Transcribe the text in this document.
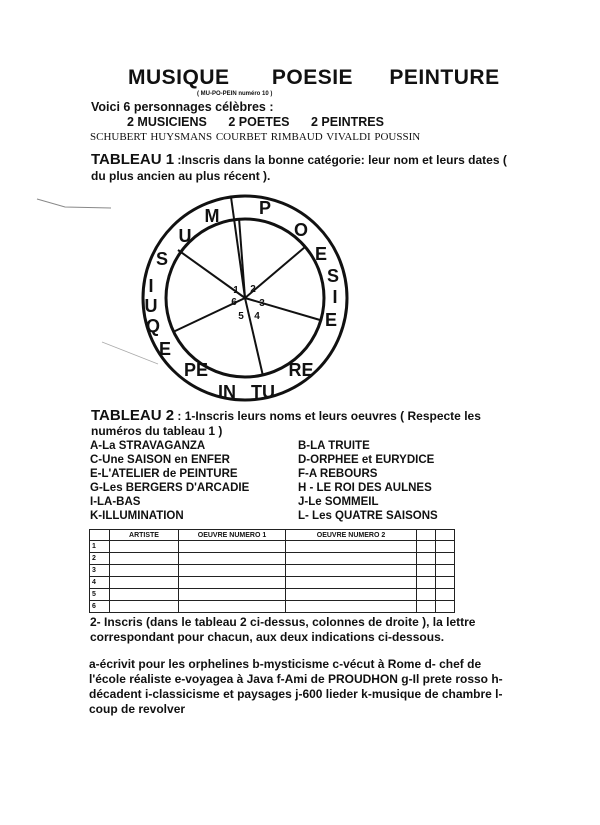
MUSIQUE POESIE PEINTURE
( MU-PO-PEIN numéro 10 )
Voici 6 personnages célèbres :
2 MUSICIENS 2 POETES 2 PEINTRES
SCHUBERT HUYSMANS COURBET RIMBAUD VIVALDI POUSSIN
TABLEAU 1 :Inscris dans la bonne catégorie: leur nom et leurs dates ( du plus ancien au plus récent ).
M P
O
E
S
I
E
RE
TU
IN
PE
E
U
Q
I
S
U
1 2
3
4
5
6
TABLEAU 2 : 1-Inscris leurs noms et leurs oeuvres ( Respecte les numéros du tableau 1 )
A-La STRAVAGANZA
C-Une SAISON en ENFER
E-L'ATELIER de PEINTURE
G-Les BERGERS D'ARCADIE
I-LA-BAS
K-ILLUMINATION
B-LA TRUITE
D-ORPHEE et EURYDICE
F-A REBOURS
H - LE ROI DES AULNES
J-Le SOMMEIL
L- Les QUATRE SAISONS
	ARTISTE	OEUVRE NUMERO 1	OEUVRE NUMERO 2		
1					
2					
3					
4					
5					
6					
2- Inscris (dans le tableau 2 ci-dessus, colonnes de droite ), la lettre correspondant pour chacun, aux deux indications ci-dessous.
a-écrivit pour les orphelines b-mysticisme c-vécut à Rome d- chef de l'école réaliste e-voyagea à Java f-Ami de PROUDHON g-Il prete rosso h-décadent i-classicisme et paysages j-600 lieder k-musique de chambre l-coup de revolver
